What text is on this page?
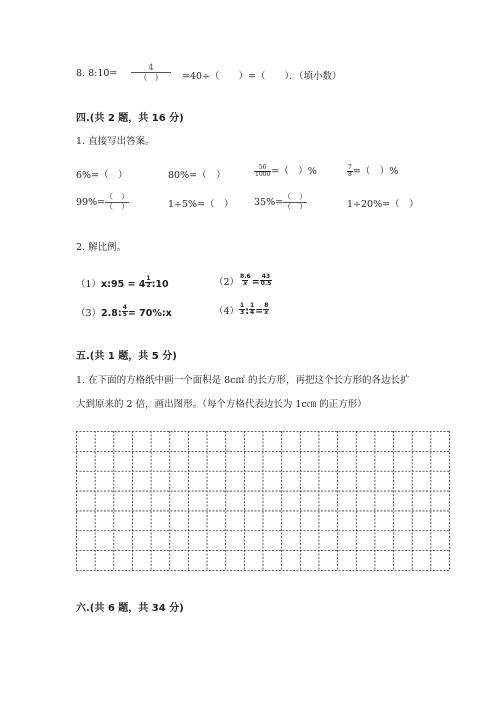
8. 8:10=
4
(　)	=40÷（　　）=（　　）．（填小数）
四.(共 2 题，共 16 分)
1. 直接写出答案。
6%=（　）	80%=（　）	$\frac{56}{1000}$ =（　）%	$\frac{7}{8}$ =（　）%
$99\%= \frac{( )}{( )}$	1÷5%=（　） $35\%= \frac{( )}{( )}$	1÷20%=（　）
2. 解比例。
（1）x:95 = $4 \frac{1}{2}$ :10	$(2) \frac{8.6}{x} = \frac{43}{0.5}$
（3）2.8: $\frac{4}{5}$ = 70%:x	$(4) \frac{1}{3}$ : $\frac{1}{4} = \frac{8}{x}$
五.(共 1 题，共 5 分)
1. 在下面的方格纸中画一个面积是 8c㎡ 的长方形，再把这个长方形的各边长扩
大到原来的 2 倍，画出图形。（每个方格代表边长为 1c㎝ 的正方形）
六.(共 6 题，共 34 分)
